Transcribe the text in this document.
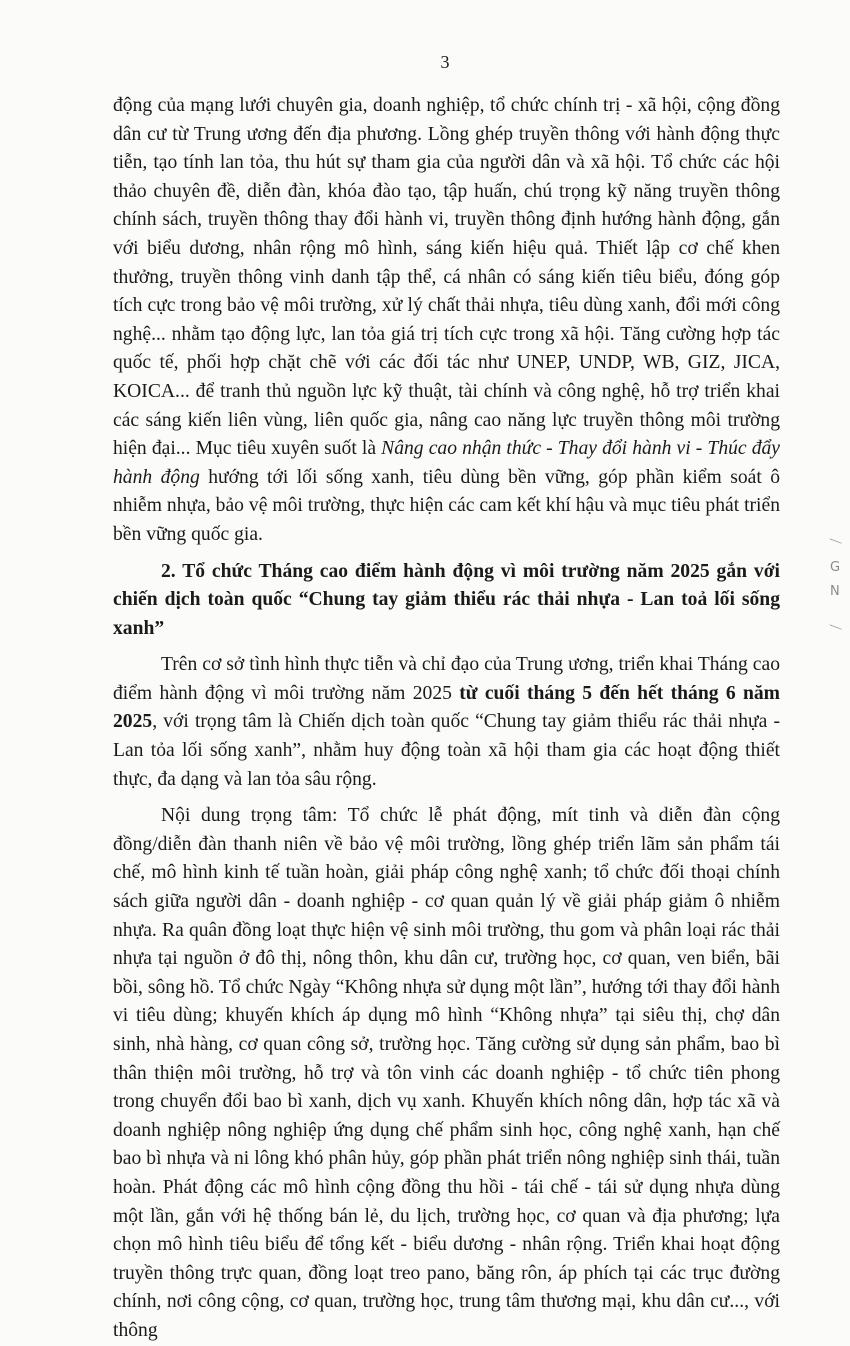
3

động của mạng lưới chuyên gia, doanh nghiệp, tổ chức chính trị - xã hội, cộng đồng dân cư từ Trung ương đến địa phương. Lồng ghép truyền thông với hành động thực tiễn, tạo tính lan tỏa, thu hút sự tham gia của người dân và xã hội. Tổ chức các hội thảo chuyên đề, diễn đàn, khóa đào tạo, tập huấn, chú trọng kỹ năng truyền thông chính sách, truyền thông thay đổi hành vi, truyền thông định hướng hành động, gắn với biểu dương, nhân rộng mô hình, sáng kiến hiệu quả. Thiết lập cơ chế khen thưởng, truyền thông vinh danh tập thể, cá nhân có sáng kiến tiêu biểu, đóng góp tích cực trong bảo vệ môi trường, xử lý chất thải nhựa, tiêu dùng xanh, đổi mới công nghệ... nhằm tạo động lực, lan tỏa giá trị tích cực trong xã hội. Tăng cường hợp tác quốc tế, phối hợp chặt chẽ với các đối tác như UNEP, UNDP, WB, GIZ, JICA, KOICA... để tranh thủ nguồn lực kỹ thuật, tài chính và công nghệ, hỗ trợ triển khai các sáng kiến liên vùng, liên quốc gia, nâng cao năng lực truyền thông môi trường hiện đại... Mục tiêu xuyên suốt là Nâng cao nhận thức - Thay đổi hành vi - Thúc đẩy hành động hướng tới lối sống xanh, tiêu dùng bền vững, góp phần kiểm soát ô nhiễm nhựa, bảo vệ môi trường, thực hiện các cam kết khí hậu và mục tiêu phát triển bền vững quốc gia.

2. Tổ chức Tháng cao điểm hành động vì môi trường năm 2025 gắn với chiến dịch toàn quốc “Chung tay giảm thiểu rác thải nhựa - Lan toả lối sống xanh”

Trên cơ sở tình hình thực tiễn và chỉ đạo của Trung ương, triển khai Tháng cao điểm hành động vì môi trường năm 2025 từ cuối tháng 5 đến hết tháng 6 năm 2025, với trọng tâm là Chiến dịch toàn quốc “Chung tay giảm thiểu rác thải nhựa - Lan tỏa lối sống xanh”, nhằm huy động toàn xã hội tham gia các hoạt động thiết thực, đa dạng và lan tỏa sâu rộng.

Nội dung trọng tâm: Tổ chức lễ phát động, mít tinh và diễn đàn cộng đồng/diễn đàn thanh niên về bảo vệ môi trường, lồng ghép triển lãm sản phẩm tái chế, mô hình kinh tế tuần hoàn, giải pháp công nghệ xanh; tổ chức đối thoại chính sách giữa người dân - doanh nghiệp - cơ quan quản lý về giải pháp giảm ô nhiễm nhựa. Ra quân đồng loạt thực hiện vệ sinh môi trường, thu gom và phân loại rác thải nhựa tại nguồn ở đô thị, nông thôn, khu dân cư, trường học, cơ quan, ven biển, bãi bồi, sông hồ. Tổ chức Ngày “Không nhựa sử dụng một lần”, hướng tới thay đổi hành vi tiêu dùng; khuyến khích áp dụng mô hình “Không nhựa” tại siêu thị, chợ dân sinh, nhà hàng, cơ quan công sở, trường học. Tăng cường sử dụng sản phẩm, bao bì thân thiện môi trường, hỗ trợ và tôn vinh các doanh nghiệp - tổ chức tiên phong trong chuyển đổi bao bì xanh, dịch vụ xanh. Khuyến khích nông dân, hợp tác xã và doanh nghiệp nông nghiệp ứng dụng chế phẩm sinh học, công nghệ xanh, hạn chế bao bì nhựa và ni lông khó phân hủy, góp phần phát triển nông nghiệp sinh thái, tuần hoàn. Phát động các mô hình cộng đồng thu hồi - tái chế - tái sử dụng nhựa dùng một lần, gắn với hệ thống bán lẻ, du lịch, trường học, cơ quan và địa phương; lựa chọn mô hình tiêu biểu để tổng kết - biểu dương - nhân rộng. Triển khai hoạt động truyền thông trực quan, đồng loạt treo pano, băng rôn, áp phích tại các trục đường chính, nơi công cộng, cơ quan, trường học, trung tâm thương mại, khu dân cư..., với thông

⟋
G
N
⟋
